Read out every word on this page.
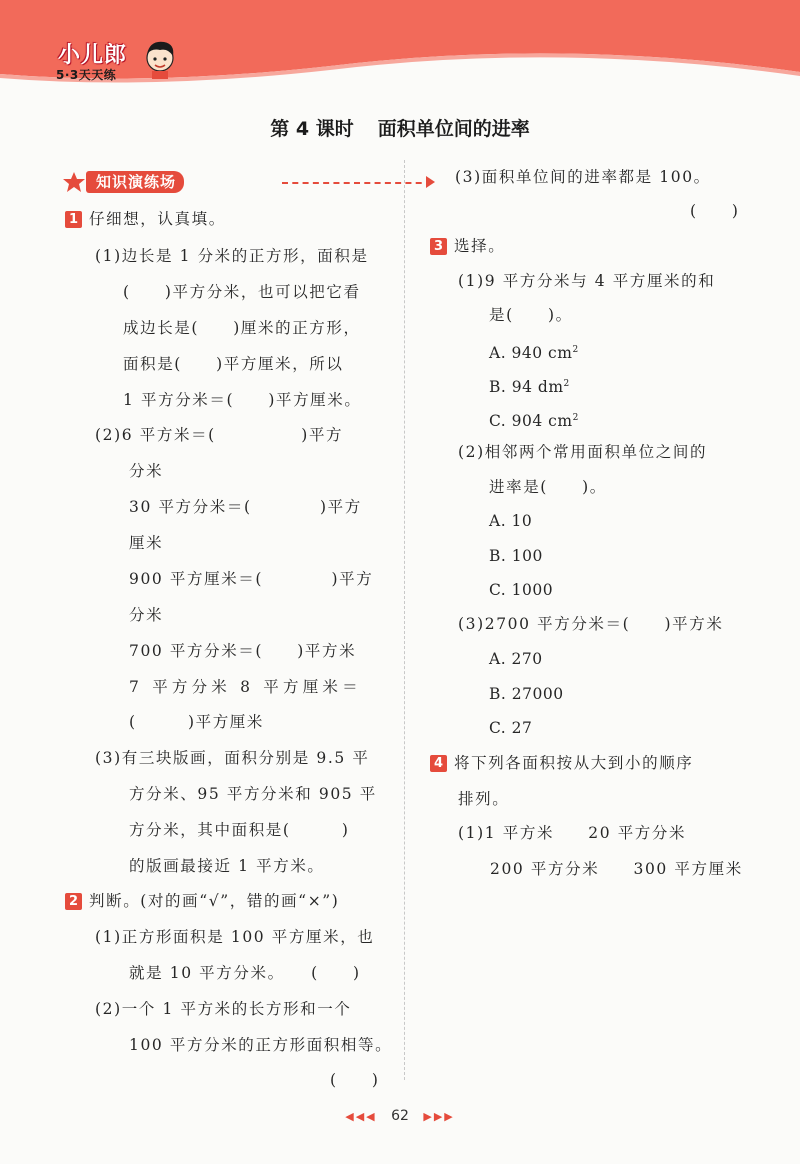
小儿郎
5·3天天练
第 4 课时 面积单位间的进率
知识演练场
1 仔细想，认真填。
(1)边长是 1 分米的正方形，面积是
(　　)平方分米，也可以把它看
成边长是(　　)厘米的正方形，
面积是(　　)平方厘米，所以
1 平方分米＝(　　)平方厘米。
(2)6 平方米＝(　　　　　)平方
分米
30 平方分米＝(　　　　)平方
厘米
900 平方厘米＝(　　　　)平方
分米
700 平方分米＝(　　)平方米
7 平方分米 8 平方厘米＝
(　　　)平方厘米
(3)有三块版画，面积分别是 9.5 平
方分米、95 平方分米和 905 平
方分米，其中面积是(　　　)
的版画最接近 1 平方米。
2 判断。(对的画“√”，错的画“×”)
(1)正方形面积是 100 平方厘米，也
就是 10 平方分米。　　(　　)
(2)一个 1 平方米的长方形和一个
100 平方分米的正方形面积相等。
(　　)
(3)面积单位间的进率都是 100。
(　　)
3 选择。
(1)9 平方分米与 4 平方厘米的和
是(　　)。
A. 940 $cm^2$
B. 94 $dm^2$
C. 904 $cm^2$
(2)相邻两个常用面积单位之间的
进率是(　　)。
A. 10
B. 100
C. 1000
(3)2700 平方分米＝(　　)平方米
A. 270
B. 27000
C. 27
4 将下列各面积按从大到小的顺序
排列。
(1)1 平方米　　20 平方分米
200 平方分米　　300 平方厘米
◀◀◀ 62 ▶▶▶
